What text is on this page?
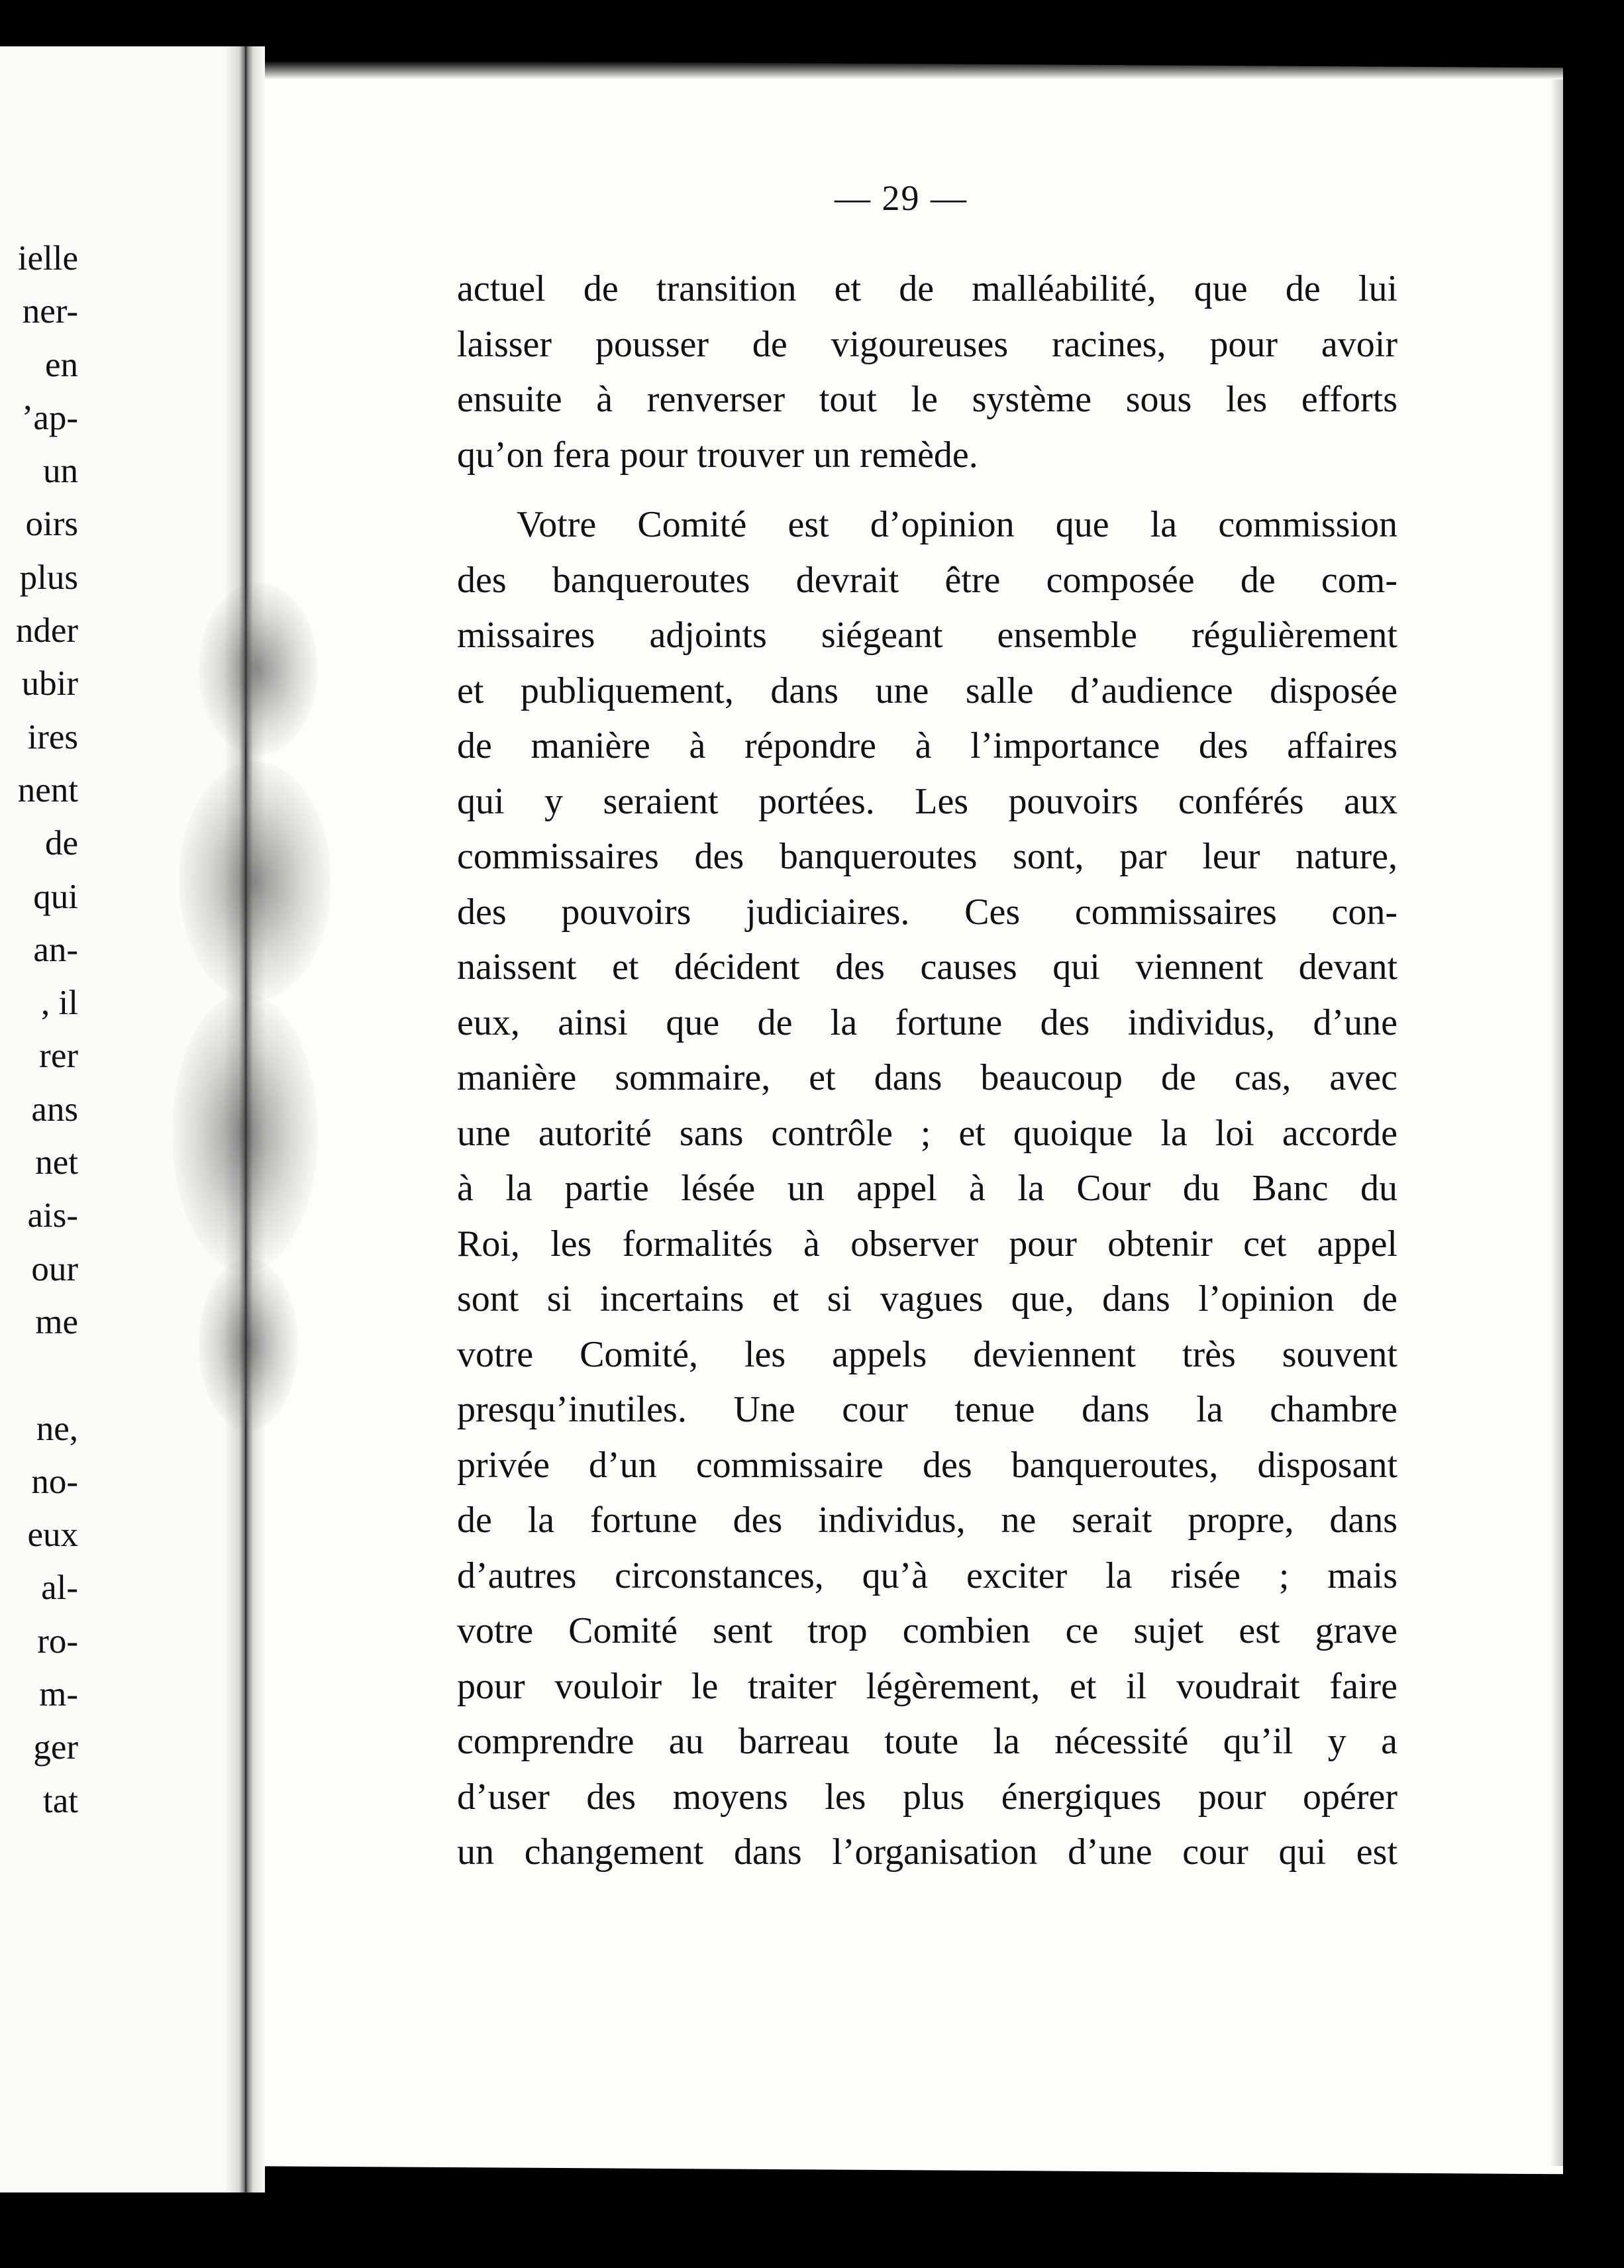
ielle
ner-
en
’ap-
un
oirs
plus
nder
ubir
ires
nent
de
qui
an-
, il
rer
ans
net
ais-
our
me

ne,
no-
eux
al-
ro-
m-
ger
tat
— 29 —
actuel de transition et de malléabilité, que de lui
laisser pousser de vigoureuses racines, pour avoir
ensuite à renverser tout le système sous les efforts
qu’on fera pour trouver un remède.
Votre Comité est d’opinion que la commission
des banqueroutes devrait être composée de com-
missaires adjoints siégeant ensemble régulièrement
et publiquement, dans une salle d’audience disposée
de manière à répondre à l’importance des affaires
qui y seraient portées. Les pouvoirs conférés aux
commissaires des banqueroutes sont, par leur nature,
des pouvoirs judiciaires. Ces commissaires con-
naissent et décident des causes qui viennent devant
eux, ainsi que de la fortune des individus, d’une
manière sommaire, et dans beaucoup de cas, avec
une autorité sans contrôle ; et quoique la loi accorde
à la partie lésée un appel à la Cour du Banc du
Roi, les formalités à observer pour obtenir cet appel
sont si incertains et si vagues que, dans l’opinion de
votre Comité, les appels deviennent très souvent
presqu’inutiles. Une cour tenue dans la chambre
privée d’un commissaire des banqueroutes, disposant
de la fortune des individus, ne serait propre, dans
d’autres circonstances, qu’à exciter la risée ; mais
votre Comité sent trop combien ce sujet est grave
pour vouloir le traiter légèrement, et il voudrait faire
comprendre au barreau toute la nécessité qu’il y a
d’user des moyens les plus énergiques pour opérer
un changement dans l’organisation d’une cour qui est
